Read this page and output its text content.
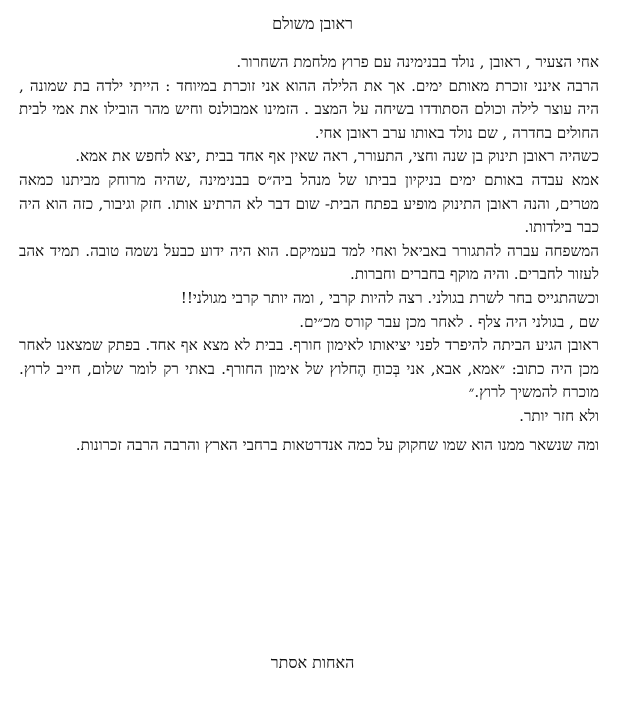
ראובן משולם

אחי הצעיר , ראובן , נולד בבנימינה עם פרוץ מלחמת השחרור.

הרבה אינני זוכרת מאותם ימים. אך את הלילה ההוא אני זוכרת במיוחד : הייתי ילדה בת שמונה , היה עוצר לילה וכולם הסתודדו בשיחה על המצב . הזמינו אמבולנס וחיש מהר הובילו את אמי לבית החולים בחדרה , שם נולד באותו ערב ראובן אחי.

כשהיה ראובן תינוק בן שנה וחצי, התעורר, ראה שאין אף אחד בבית ,יצא לחפש את אמא.

אמא עבדה באותם ימים בניקיון בביתו של מנהל ביה״ס בבנימינה ,שהיה מרוחק מביתנו כמאה מטרים, והנה ראובן התינוק מופיע בפתח הבית- שום דבר לא הרתיע אותו. חזק וגיבור, כזה הוא היה כבר בילדותו.

המשפחה עברה להתגורר באביאל ואחי למד בעמיקם. הוא היה ידוע כבעל נשמה טובה. תמיד אהב לעזור לחברים. והיה מוקף בחברים וחברות.

וכשהתגייס בחר לשרת בגולני. רצה להיות קרבי , ומה יותר קרבי מגולני!!

שם , בגולני היה צלף . לאחר מכן עבר קורס מכ״ים.

ראובן הגיע הביתה להיפרד לפני יציאותו לאימון חורף. בבית לא מצא אף אחד. בפתק שמצאנו לאחר מכן היה כתוב: ״אמא, אבא, אני בְּכוחַ הֶחלוץ של אימון החורף. באתי רק לומר שלום, חייב לרוץ. מוכרח להמשיך לרוץ.״

ולא חזר יותר.

ומה שנשאר ממנו הוא שמו שחקוק על כמה אנדרטאות ברחבי הארץ והרבה הרבה זכרונות.

האחות אסתר
